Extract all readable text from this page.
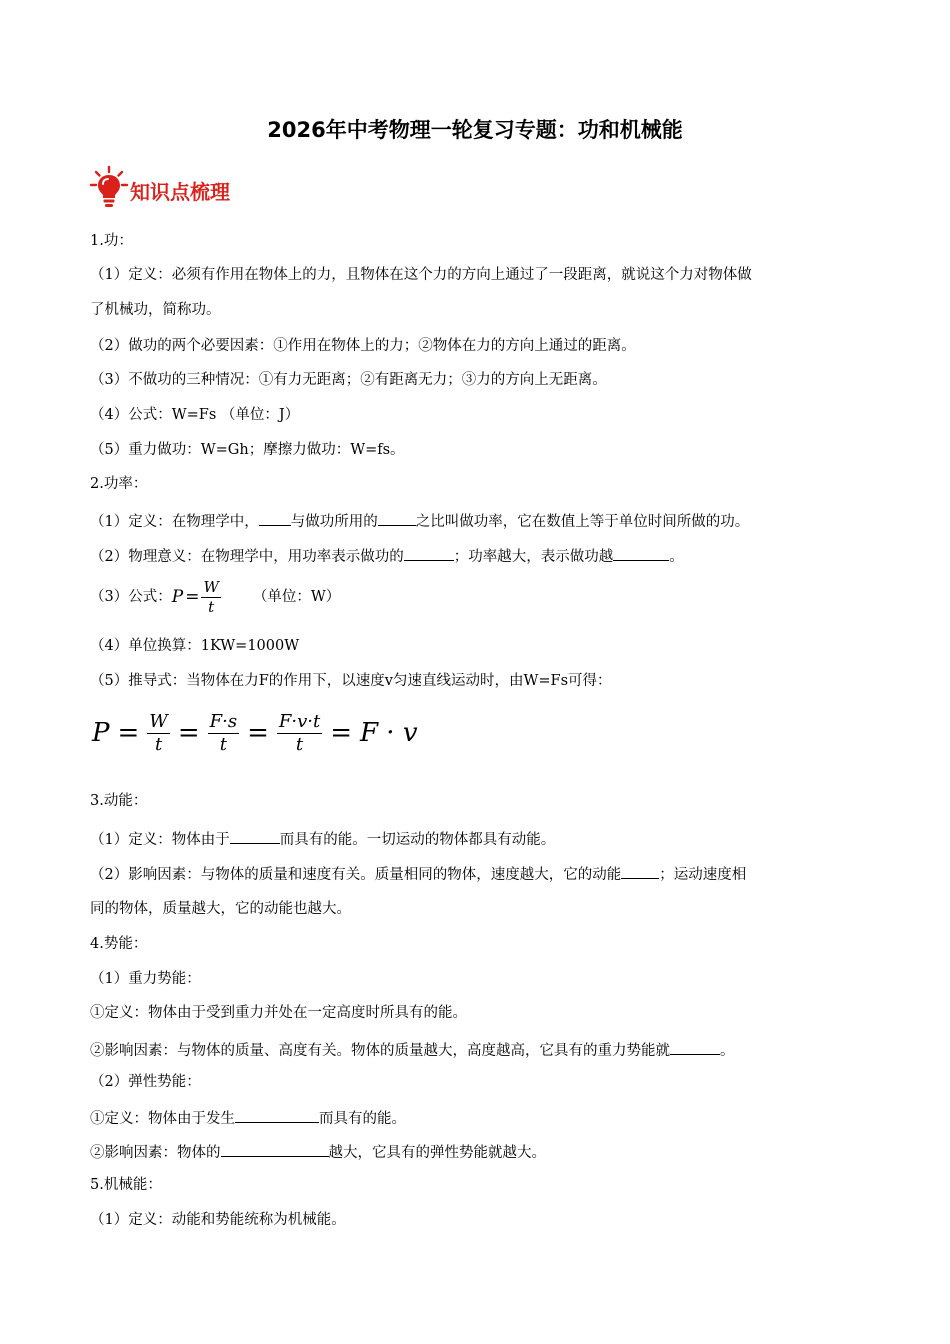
2026年中考物理一轮复习专题：功和机械能
知识点梳理
1.功：
（1）定义：必须有作用在物体上的力，且物体在这个力的方向上通过了一段距离，就说这个力对物体做
了机械功，简称功。
（2）做功的两个必要因素：①作用在物体上的力；②物体在力的方向上通过的距离。
（3）不做功的三种情况：①有力无距离；②有距离无力；③力的方向上无距离。
（4）公式：W=Fs （单位：J）
（5）重力做功：W=Gh；摩擦力做功：W=fs。
2.功率：
（1）定义：在物理学中， 与做功所用的	之比叫做功率，它在数值上等于单位时间所做的功。
（2）物理意义：在物理学中，用功率表示做功的	；功率越大，表示做功越	。
（3）公式： $P = \frac{W}{t}$ （单位：W）
（4）单位换算：1KW=1000W
（5）推导式：当物体在力F的作用下，以速度v匀速直线运动时，由W=Fs可得：
$P = \frac{W}{t} = \frac{F\cdot s}{t} = \frac{F\cdot v\cdot t}{t} = F \cdot v$
3.动能：
（1）定义：物体由于	而具有的能。一切运动的物体都具有动能。
（2）影响因素：与物体的质量和速度有关。质量相同的物体，速度越大，它的动能	；运动速度相
同的物体，质量越大，它的动能也越大。
4.势能：
（1）重力势能：
①定义：物体由于受到重力并处在一定高度时所具有的能。
②影响因素：与物体的质量、高度有关。物体的质量越大，高度越高，它具有的重力势能就	。
（2）弹性势能：
①定义：物体由于发生	而具有的能。
②影响因素：物体的	越大，它具有的弹性势能就越大。
5.机械能：
（1）定义：动能和势能统称为机械能。
